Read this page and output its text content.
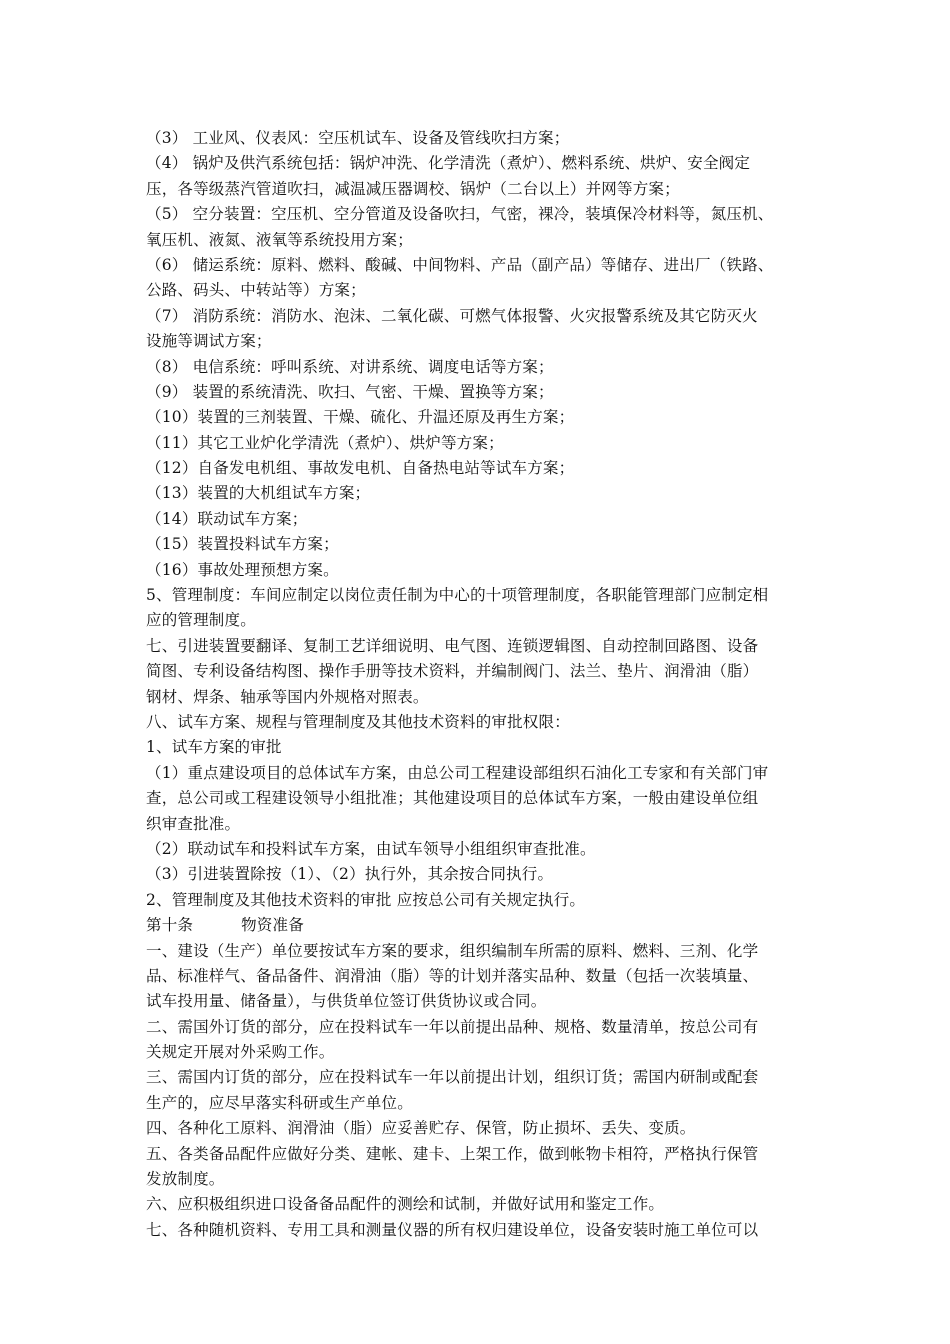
（3） 工业风、仪表风：空压机试车、设备及管线吹扫方案；
（4） 锅炉及供汽系统包括：锅炉冲洗、化学清洗（煮炉）、燃料系统、烘炉、安全阀定
压，各等级蒸汽管道吹扫，减温减压器调校、锅炉（二台以上）并网等方案；
（5） 空分装置：空压机、空分管道及设备吹扫，气密，裸冷，装填保冷材料等，氮压机、
氧压机、液氮、液氧等系统投用方案；
（6） 储运系统：原料、燃料、酸碱、中间物料、产品（副产品）等储存、进出厂（铁路、
公路、码头、中转站等）方案；
（7） 消防系统：消防水、泡沫、二氧化碳、可燃气体报警、火灾报警系统及其它防灭火
设施等调试方案；
（8） 电信系统：呼叫系统、对讲系统、调度电话等方案；
（9） 装置的系统清洗、吹扫、气密、干燥、置换等方案；
（10）装置的三剂装置、干燥、硫化、升温还原及再生方案；
（11）其它工业炉化学清洗（煮炉）、烘炉等方案；
（12）自备发电机组、事故发电机、自备热电站等试车方案；
（13）装置的大机组试车方案；
（14）联动试车方案；
（15）装置投料试车方案；
（16）事故处理预想方案。
5、管理制度：车间应制定以岗位责任制为中心的十项管理制度，各职能管理部门应制定相
应的管理制度。
七、引进装置要翻译、复制工艺详细说明、电气图、连锁逻辑图、自动控制回路图、设备
简图、专利设备结构图、操作手册等技术资料，并编制阀门、法兰、垫片、润滑油（脂）
钢材、焊条、轴承等国内外规格对照表。
八、试车方案、规程与管理制度及其他技术资料的审批权限：
1、试车方案的审批
（1）重点建设项目的总体试车方案，由总公司工程建设部组织石油化工专家和有关部门审
查，总公司或工程建设领导小组批准；其他建设项目的总体试车方案，一般由建设单位组
织审查批准。
（2）联动试车和投料试车方案，由试车领导小组组织审查批准。
（3）引进装置除按（1）、（2）执行外，其余按合同执行。
2、管理制度及其他技术资料的审批 应按总公司有关规定执行。
第十条	物资准备
一、建设（生产）单位要按试车方案的要求，组织编制车所需的原料、燃料、三剂、化学
品、标准样气、备品备件、润滑油（脂）等的计划并落实品种、数量（包括一次装填量、
试车投用量、储备量），与供货单位签订供货协议或合同。
二、需国外订货的部分，应在投料试车一年以前提出品种、规格、数量清单，按总公司有
关规定开展对外采购工作。
三、需国内订货的部分，应在投料试车一年以前提出计划，组织订货；需国内研制或配套
生产的，应尽早落实科研或生产单位。
四、各种化工原料、润滑油（脂）应妥善贮存、保管，防止损坏、丢失、变质。
五、各类备品配件应做好分类、建帐、建卡、上架工作，做到帐物卡相符，严格执行保管
发放制度。
六、应积极组织进口设备备品配件的测绘和试制，并做好试用和鉴定工作。
七、各种随机资料、专用工具和测量仪器的所有权归建设单位，设备安装时施工单位可以
